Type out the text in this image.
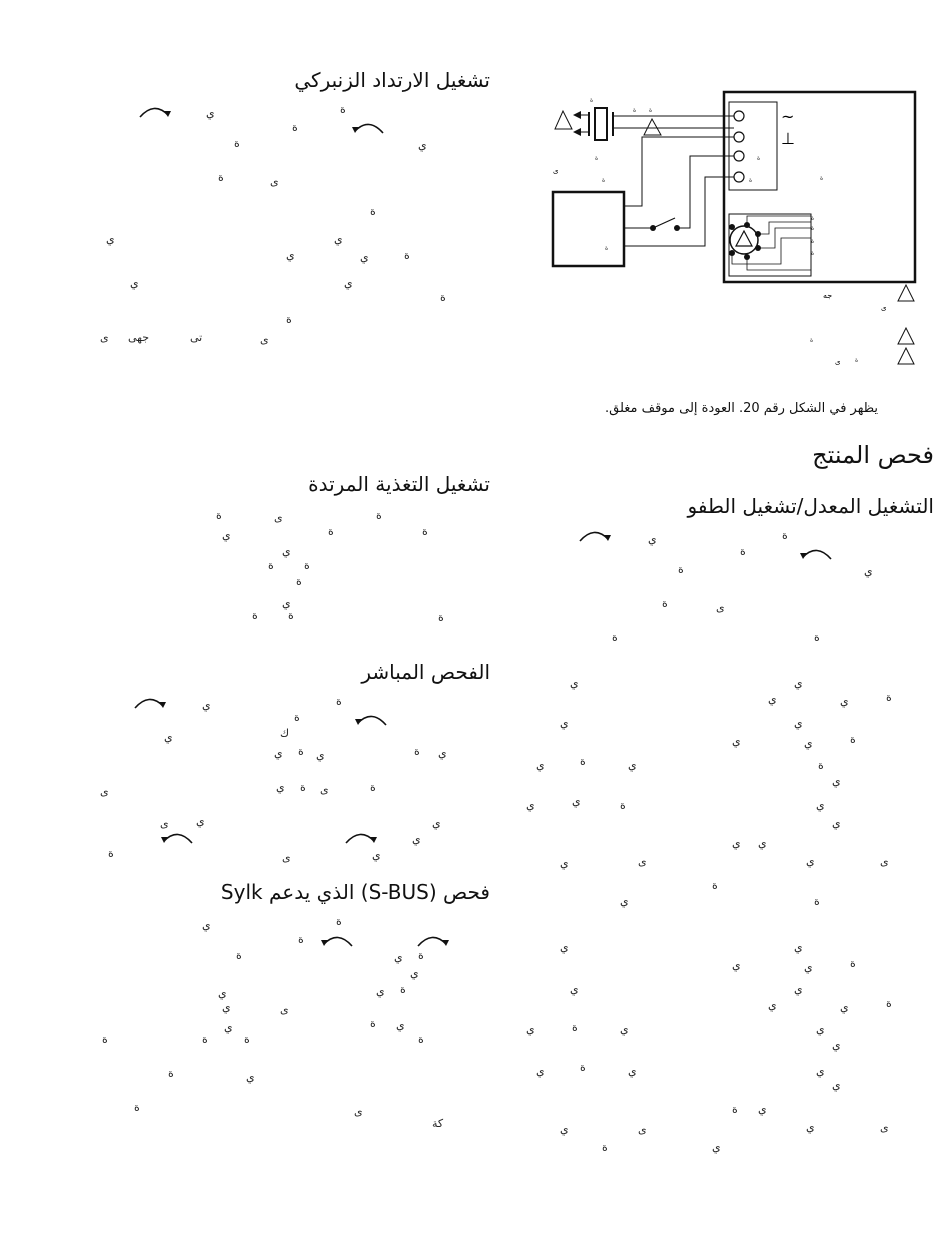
~
⊥
جه
ى
ى
ى
ة
ة ة
ة
ة
ة
ة
ة	ة
ة
ة
ة
ة
ة
ة
يظهر في الشكل رقم 20. العودة إلى موقف مغلق.
فحص المنتج
التشغيل المعدل/تشغيل الطفو
تشغيل الارتداد الزنبركي
تشغيل التغذية المرتدة
الفحص المباشر
فحص (S-BUS) الذي يدعم Sylk
ة
ي
ة
ة
ى
ة
ي
ي
ي
ة
ي	ة
ي
ي
ة
ي
ة
جهى	تى
ى	ى
ة	ى	ة
ي	ة	ة
ي
ة	ة
ة
ي
ة	ة	ة
ي	ة
ي
ة
ك
ي ة ي	ة ي
ي ة ى	ة
ى
ى ي	ي
ي
ة	ى	ي
ي	ة
ة
ة	ة
ي
ي
ي	ة
ي
ى
ي
ة
ي
ة	ة	ة	ة
ي
ي
ة
ى
ة
كة
ي	ة
ة
ة	ي
ة	ى
ة	ة
ي	ي
ي	ة
ي
ي	ي
ة
ي	ي
ي	ة	ي	ة
ي
ي	ي	ة	ي
ي
ي
ي	ي
ى
ي
ى
ي
ة
ة
ي	ي
ي	ة
ي
ي	ي
ة
ي	ي
ة
ي	ي	ي
ة
ي
ي	ي	ي
ي
ة ي
ي	ى	ي	ى
ي
ة
